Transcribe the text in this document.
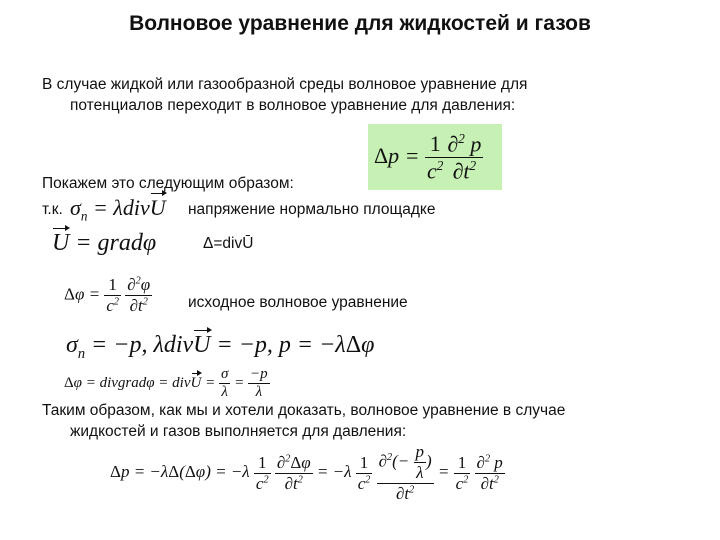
Волновое уравнение для жидкостей и газов
В случае жидкой или газообразной среды волновое уравнение для
потенциалов переходит в волновое уравнение для давления:
$\Delta p = \frac{1}{c^2} \frac{\partial^2 p}{\partial t^2}$
Покажем это следующим образом:
т.к. $\sigma_n$ = λdivU напряжение нормально площадке
U = gradφ	Δ=divŪ
$\Delta\varphi = \frac{1}{c^2}$
$\frac{\partial^2\varphi}{\partial t^2}$ исходное волновое уравнение
$\sigma_n = -p$, λdivU = −p, p = −λΔφ
Δφ = divgradφ = divU = $\frac{\sigma}{\lambda} = \frac{-p}{\lambda}$
Таким образом, как мы и хотели доказать, волновое уравнение в случае
жидкостей и газов выполняется для давления:
$\Delta p = -\lambda\Delta(\Delta\varphi) = -\lambda \frac{1}{c^2}$
$\frac{\partial^2\Delta\varphi}{\partial t^2} = -\lambda \frac{1}{c^2}$
$\frac{\partial^2(- \frac{p}{\lambda} )}{\partial t^2} = \frac{1}{c^2}$
$\frac{\partial^2 p}{\partial t^2}$
